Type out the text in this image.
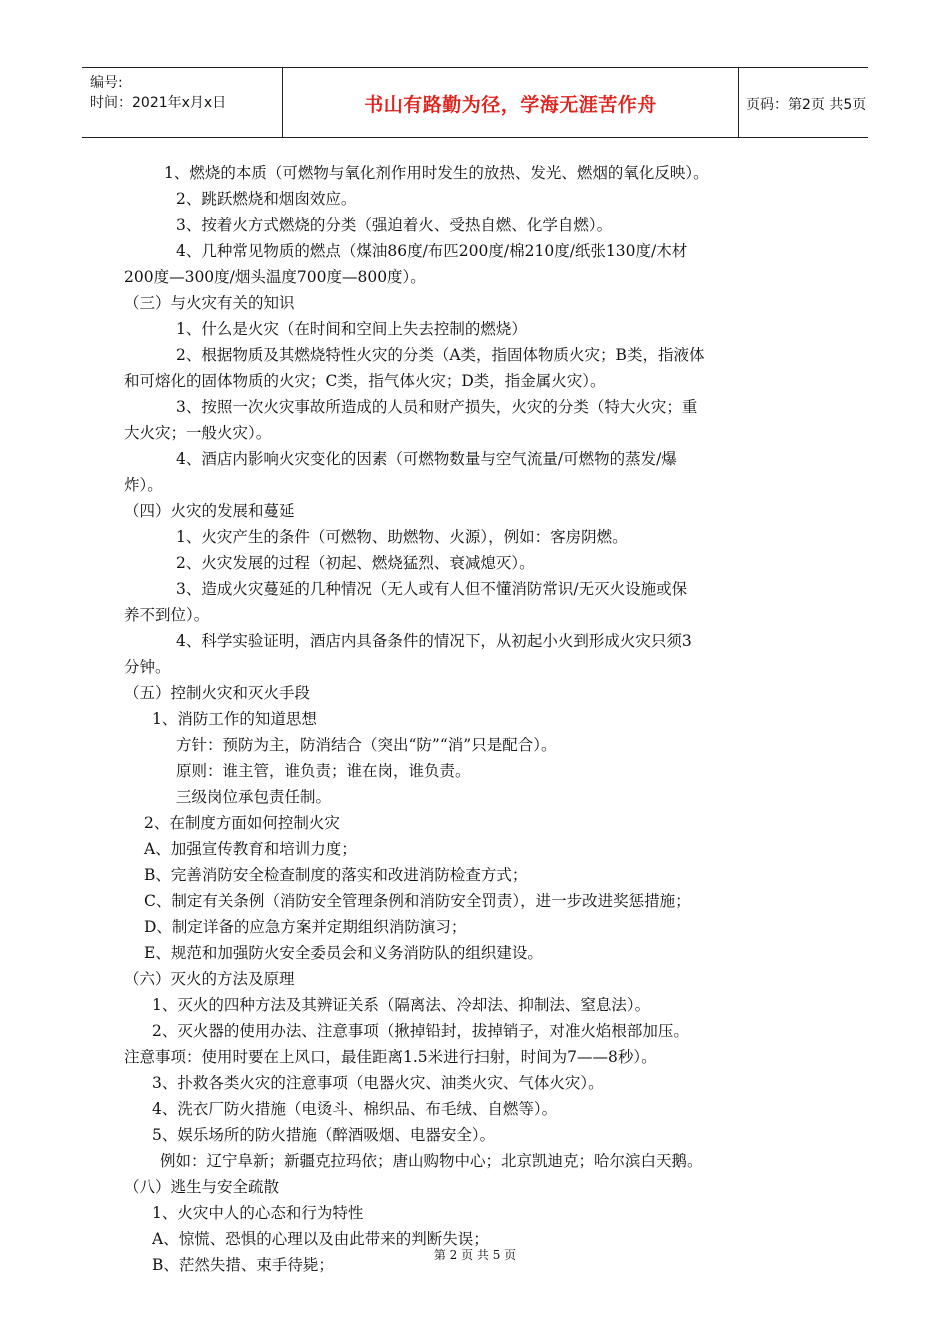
编号:
时间：2021年x月x日	书山有路勤为径，学海无涯苦作舟	页码：第2页 共5页
1、燃烧的本质（可燃物与氧化剂作用时发生的放热、发光、燃烟的氧化反映）。
2、跳跃燃烧和烟囱效应。
3、按着火方式燃烧的分类（强迫着火、受热自燃、化学自燃）。
4、几种常见物质的燃点（煤油86度/布匹200度/棉210度/纸张130度/木材
200度—300度/烟头温度700度—800度）。
（三）与火灾有关的知识
1、什么是火灾（在时间和空间上失去控制的燃烧）
2、根据物质及其燃烧特性火灾的分类（A类，指固体物质火灾；B类，指液体
和可熔化的固体物质的火灾；C类，指气体火灾；D类，指金属火灾）。
3、按照一次火灾事故所造成的人员和财产损失，火灾的分类（特大火灾；重
大火灾；一般火灾）。
4、酒店内影响火灾变化的因素（可燃物数量与空气流量/可燃物的蒸发/爆
炸）。
（四）火灾的发展和蔓延
1、火灾产生的条件（可燃物、助燃物、火源），例如：客房阴燃。
2、火灾发展的过程（初起、燃烧猛烈、衰减熄灭）。
3、造成火灾蔓延的几种情况（无人或有人但不懂消防常识/无灭火设施或保
养不到位）。
4、科学实验证明，酒店内具备条件的情况下，从初起小火到形成火灾只须3
分钟。
（五）控制火灾和灭火手段
1、消防工作的知道思想
方针：预防为主，防消结合（突出“防”“消”只是配合）。
原则：谁主管，谁负责；谁在岗，谁负责。
三级岗位承包责任制。
2、在制度方面如何控制火灾
A、加强宣传教育和培训力度；
B、完善消防安全检查制度的落实和改进消防检查方式；
C、制定有关条例（消防安全管理条例和消防安全罚责），进一步改进奖惩措施；
D、制定详备的应急方案并定期组织消防演习；
E、规范和加强防火安全委员会和义务消防队的组织建设。
（六）灭火的方法及原理
1、灭火的四种方法及其辨证关系（隔离法、冷却法、抑制法、窒息法）。
2、灭火器的使用办法、注意事项（揪掉铅封，拔掉销子，对准火焰根部加压。
注意事项：使用时要在上风口，最佳距离1.5米进行扫射，时间为7——8秒）。
3、扑救各类火灾的注意事项（电器火灾、油类火灾、气体火灾）。
4、洗衣厂防火措施（电烫斗、棉织品、布毛绒、自燃等）。
5、娱乐场所的防火措施（醉酒吸烟、电器安全）。
例如：辽宁阜新；新疆克拉玛依；唐山购物中心；北京凯迪克；哈尔滨白天鹅。
（八）逃生与安全疏散
1、火灾中人的心态和行为特性
A、惊慌、恐惧的心理以及由此带来的判断失误；
B、茫然失措、束手待毙；
第 2 页 共 5 页
